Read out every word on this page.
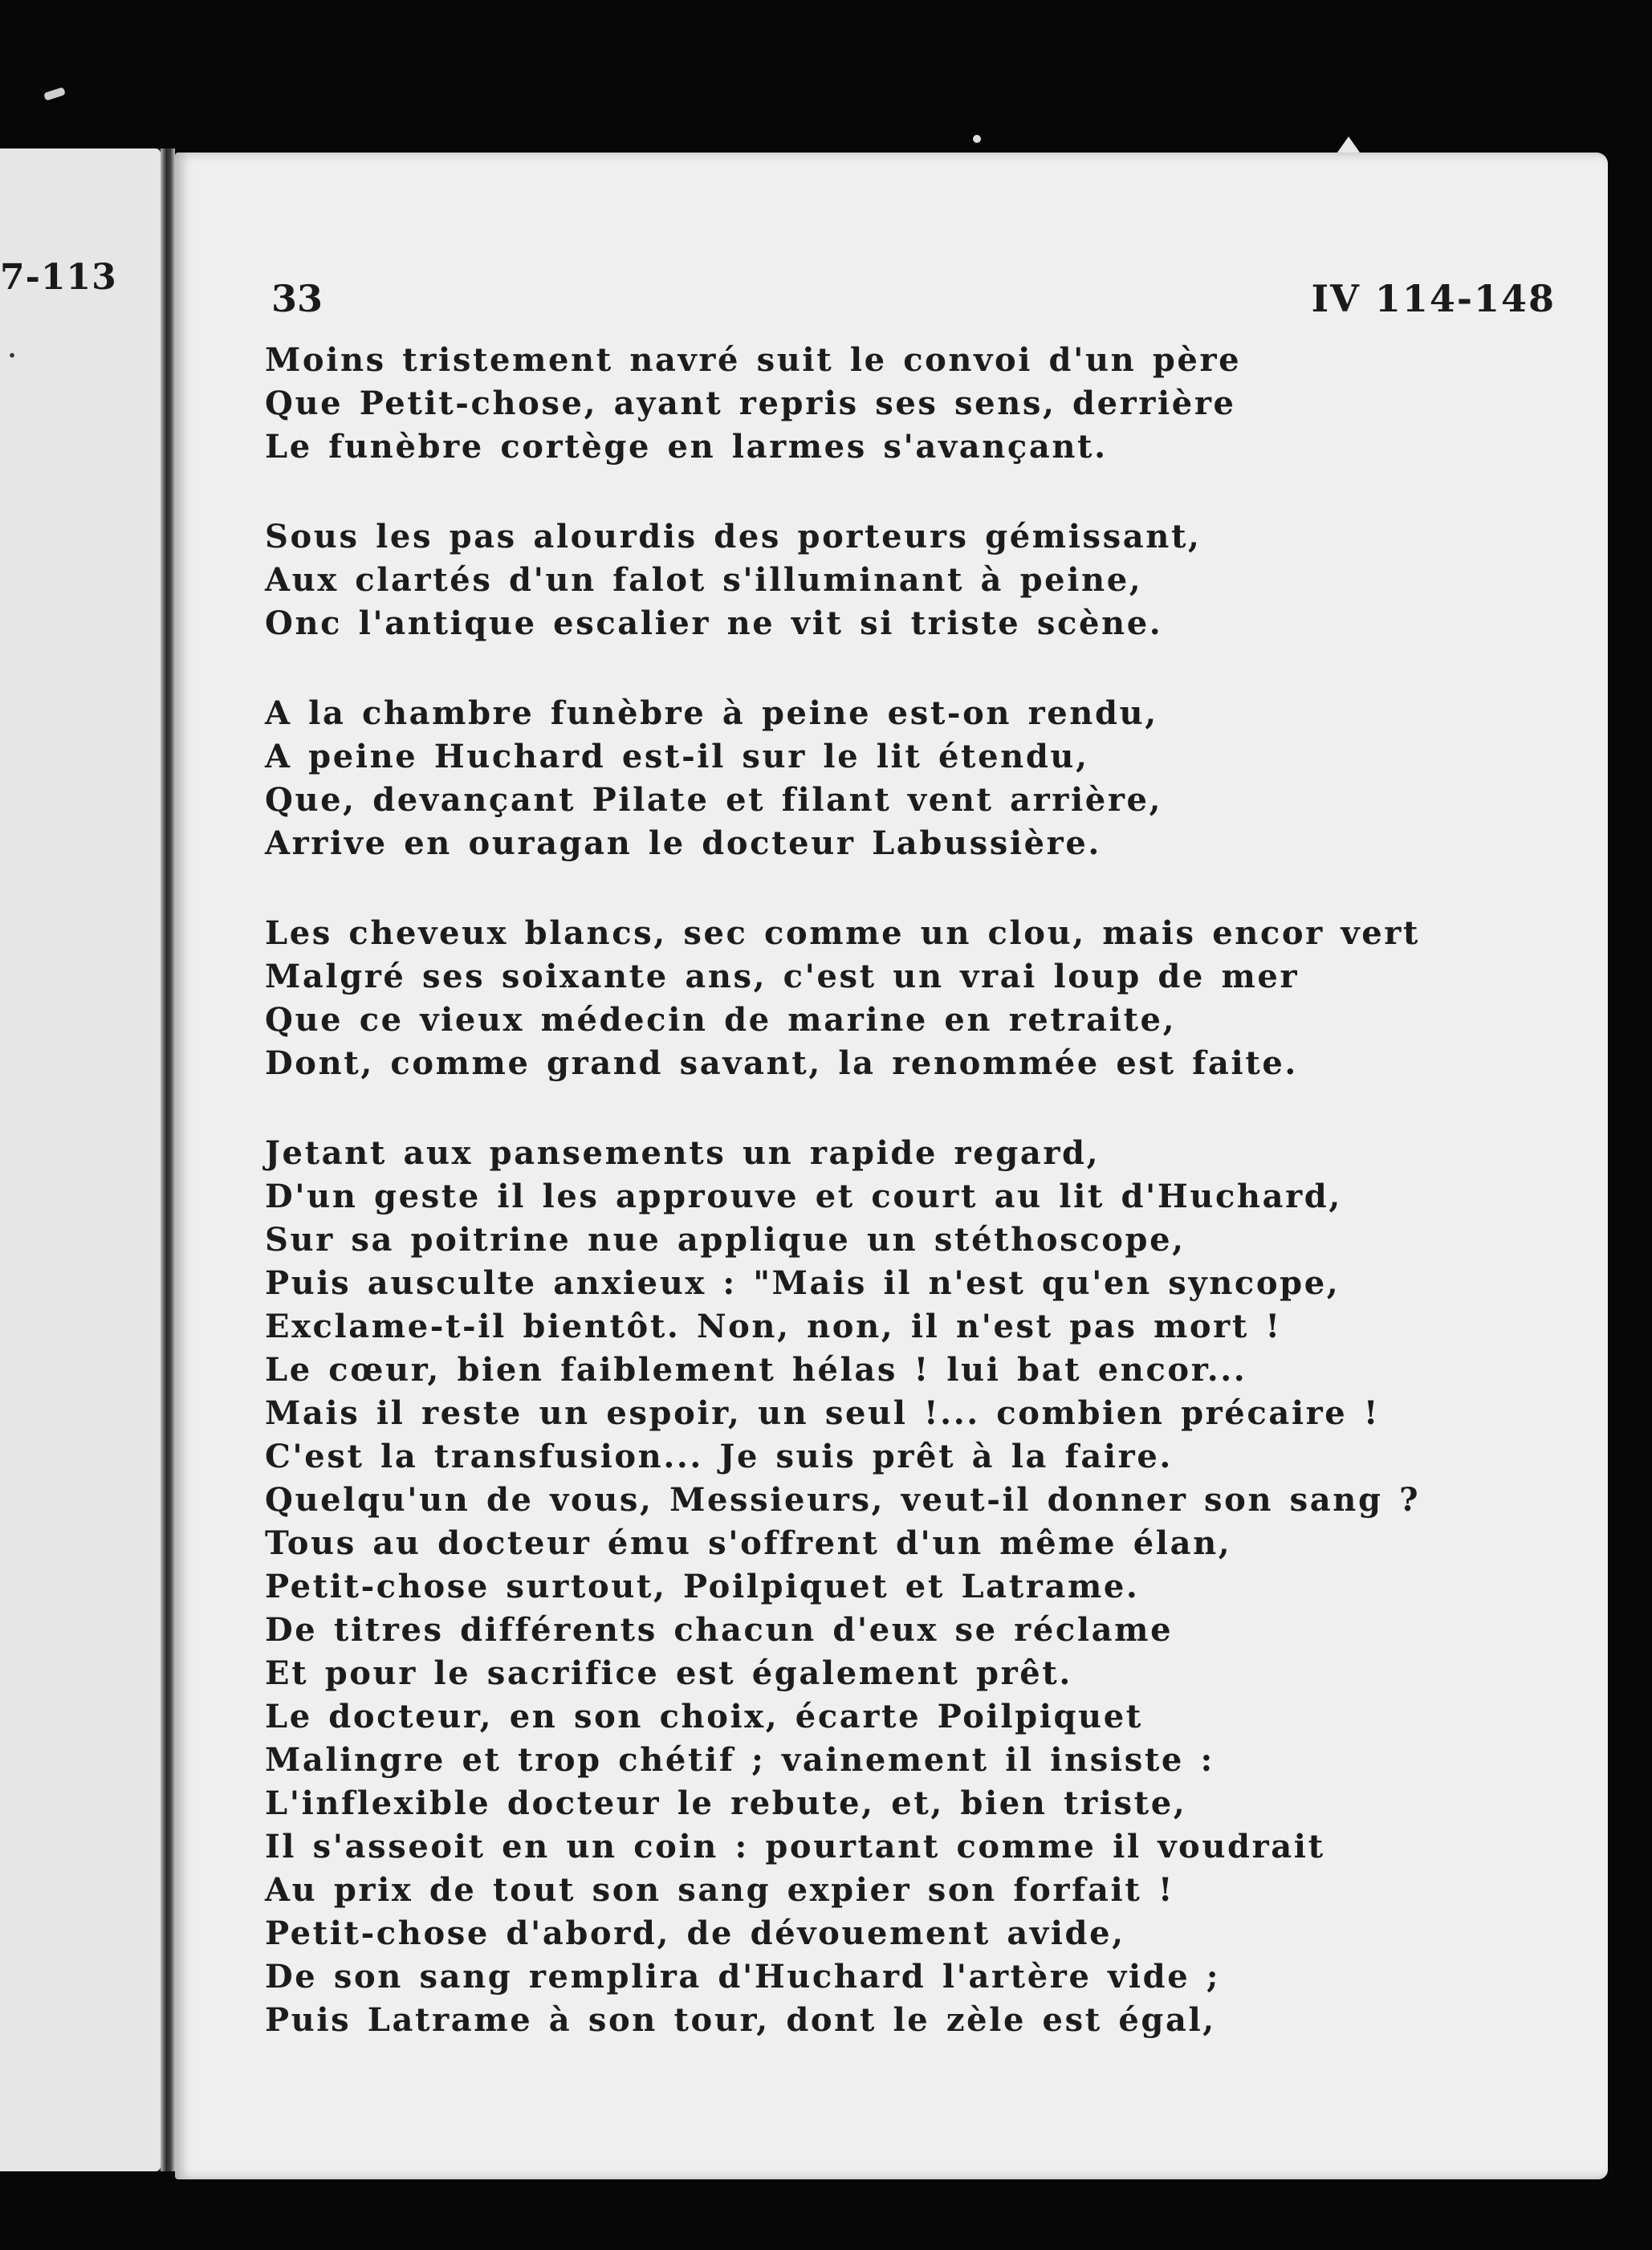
7-113
.
33	IV 114-148
Moins tristement navré suit le convoi d'un père
Que Petit-chose, ayant repris ses sens, derrière
Le funèbre cortège en larmes s'avançant.
Sous les pas alourdis des porteurs gémissant,
Aux clartés d'un falot s'illuminant à peine,
Onc l'antique escalier ne vit si triste scène.
A la chambre funèbre à peine est-on rendu,
A peine Huchard est-il sur le lit étendu,
Que, devançant Pilate et filant vent arrière,
Arrive en ouragan le docteur Labussière.
Les cheveux blancs, sec comme un clou, mais encor vert
Malgré ses soixante ans, c'est un vrai loup de mer
Que ce vieux médecin de marine en retraite,
Dont, comme grand savant, la renommée est faite.
Jetant aux pansements un rapide regard,
D'un geste il les approuve et court au lit d'Huchard,
Sur sa poitrine nue applique un stéthoscope,
Puis ausculte anxieux : "Mais il n'est qu'en syncope,
Exclame-t-il bientôt. Non, non, il n'est pas mort !
Le cœur, bien faiblement hélas ! lui bat encor...
Mais il reste un espoir, un seul !... combien précaire !
C'est la transfusion... Je suis prêt à la faire.
Quelqu'un de vous, Messieurs, veut-il donner son sang ?
Tous au docteur ému s'offrent d'un même élan,
Petit-chose surtout, Poilpiquet et Latrame.
De titres différents chacun d'eux se réclame
Et pour le sacrifice est également prêt.
Le docteur, en son choix, écarte Poilpiquet
Malingre et trop chétif ; vainement il insiste :
L'inflexible docteur le rebute, et, bien triste,
Il s'asseoit en un coin : pourtant comme il voudrait
Au prix de tout son sang expier son forfait !
Petit-chose d'abord, de dévouement avide,
De son sang remplira d'Huchard l'artère vide ;
Puis Latrame à son tour, dont le zèle est égal,
